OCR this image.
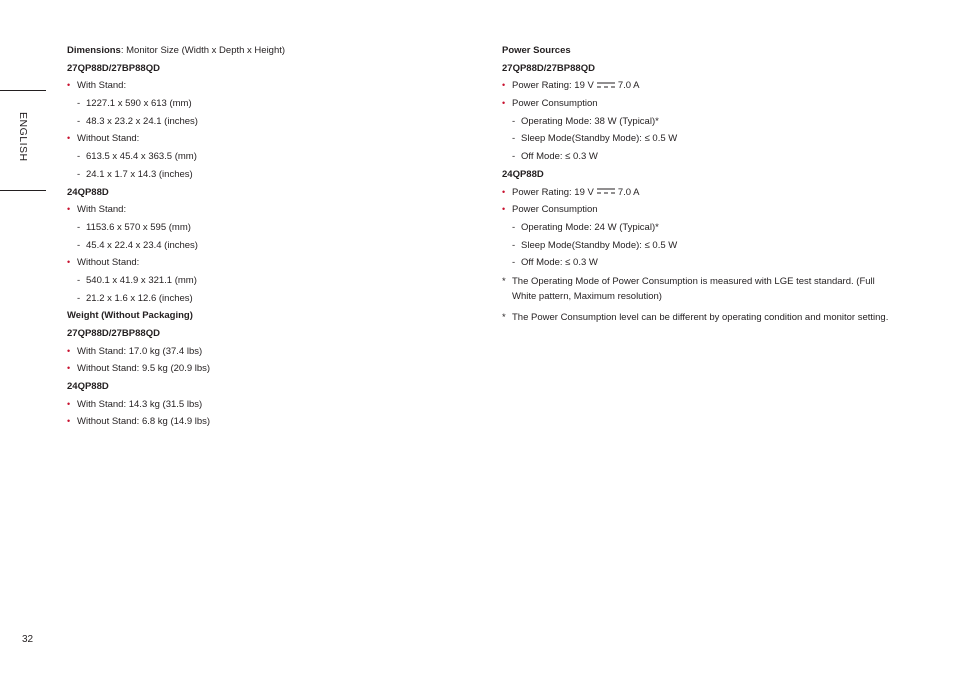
ENGLISH
Dimensions: Monitor Size (Width x Depth x Height)
27QP88D/27BP88QD
• With Stand:
- 1227.1 x 590 x 613 (mm)
- 48.3 x 23.2 x 24.1 (inches)
• Without Stand:
- 613.5 x 45.4 x 363.5 (mm)
- 24.1 x 1.7 x 14.3 (inches)
24QP88D
• With Stand:
- 1153.6 x 570 x 595 (mm)
- 45.4 x 22.4 x 23.4 (inches)
• Without Stand:
- 540.1 x 41.9 x 321.1 (mm)
- 21.2 x 1.6 x 12.6 (inches)
Weight (Without Packaging)
27QP88D/27BP88QD
• With Stand: 17.0 kg (37.4 lbs)
• Without Stand: 9.5 kg (20.9 lbs)
24QP88D
• With Stand: 14.3 kg (31.5 lbs)
• Without Stand: 6.8 kg (14.9 lbs)
Power Sources
27QP88D/27BP88QD
• Power Rating: 19 V	7.0 A
• Power Consumption
- Operating Mode: 38 W (Typical)*
- Sleep Mode(Standby Mode): ≤ 0.5 W
- Off Mode: ≤ 0.3 W
24QP88D
• Power Rating: 19 V	7.0 A
• Power Consumption
- Operating Mode: 24 W (Typical)*
- Sleep Mode(Standby Mode): ≤ 0.5 W
- Off Mode: ≤ 0.3 W
* The Operating Mode of Power Consumption is measured with LGE test standard. (Full White pattern, Maximum resolution)
* The Power Consumption level can be different by operating condition and monitor setting.
32
